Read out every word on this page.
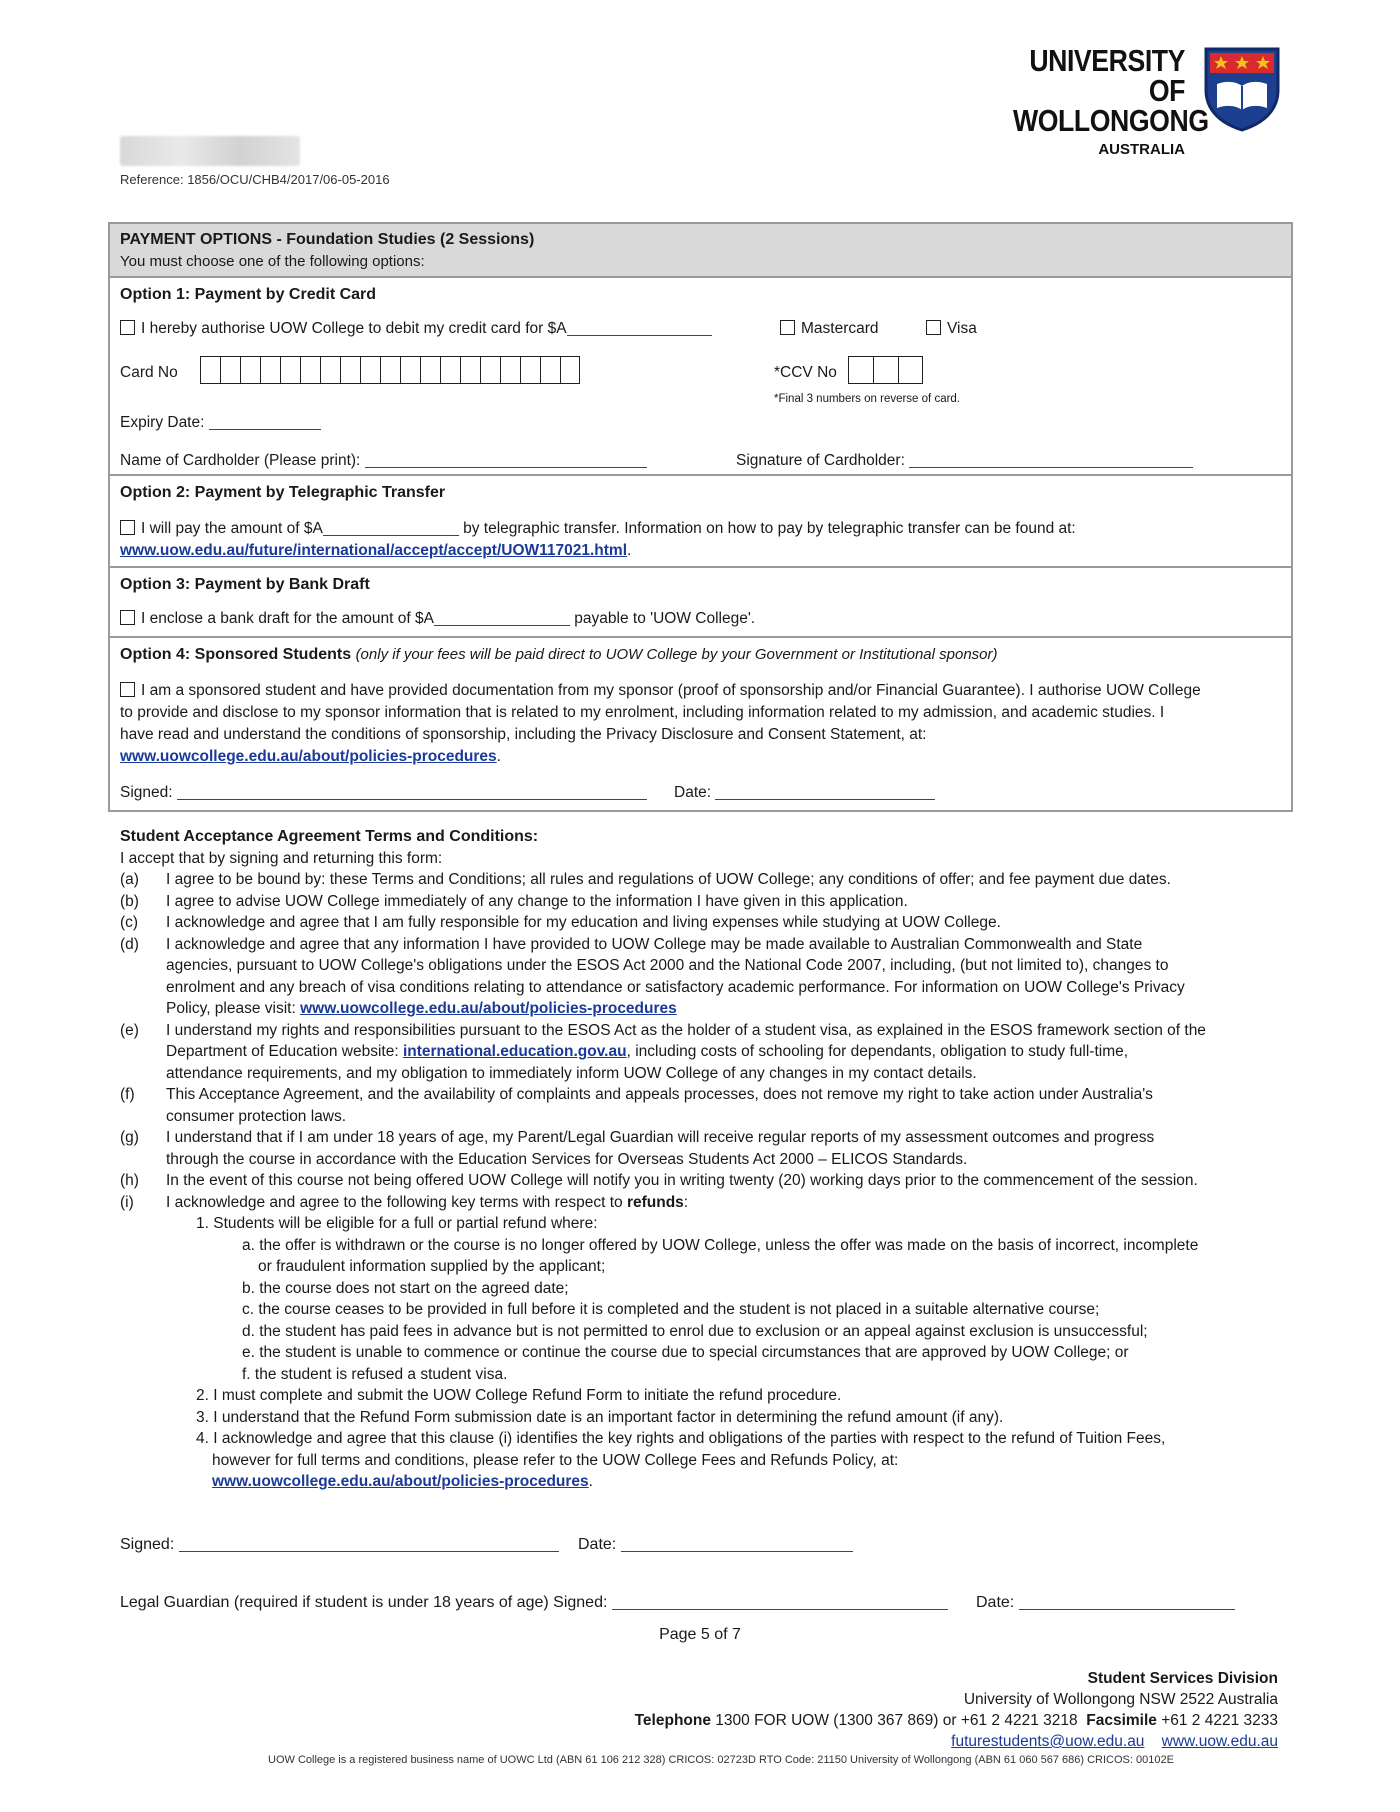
UNIVERSITY OF
WOLLONGONG
AUSTRALIA
Reference: 1856/OCU/CHB4/2017/06-05-2016
PAYMENT OPTIONS - Foundation Studies (2 Sessions)
You must choose one of the following options:
Option 1: Payment by Credit Card
I hereby authorise UOW College to debit my credit card for $A	Mastercard	Visa
Card No	*CCV No
*Final 3 numbers on reverse of card.
Expiry Date:
Name of Cardholder (Please print):	Signature of Cardholder:
Option 2: Payment by Telegraphic Transfer
I will pay the amount of $A	by telegraphic transfer. Information on how to pay by telegraphic transfer can be found at:
www.uow.edu.au/future/international/accept/accept/UOW117021.html.
Option 3: Payment by Bank Draft
I enclose a bank draft for the amount of $A	payable to 'UOW College'.
Option 4: Sponsored Students (only if your fees will be paid direct to UOW College by your Government or Institutional sponsor)
I am a sponsored student and have provided documentation from my sponsor (proof of sponsorship and/or Financial Guarantee). I authorise UOW College
to provide and disclose to my sponsor information that is related to my enrolment, including information related to my admission, and academic studies. I
have read and understand the conditions of sponsorship, including the Privacy Disclosure and Consent Statement, at:
www.uowcollege.edu.au/about/policies-procedures.
Signed:	Date:
Student Acceptance Agreement Terms and Conditions:
I accept that by signing and returning this form:
(a)	I agree to be bound by: these Terms and Conditions; all rules and regulations of UOW College; any conditions of offer; and fee payment due dates.
(b)	I agree to advise UOW College immediately of any change to the information I have given in this application.
(c)	I acknowledge and agree that I am fully responsible for my education and living expenses while studying at UOW College.
(d)	I acknowledge and agree that any information I have provided to UOW College may be made available to Australian Commonwealth and State
agencies, pursuant to UOW College's obligations under the ESOS Act 2000 and the National Code 2007, including, (but not limited to), changes to
enrolment and any breach of visa conditions relating to attendance or satisfactory academic performance. For information on UOW College's Privacy
Policy, please visit: www.uowcollege.edu.au/about/policies-procedures
(e)	I understand my rights and responsibilities pursuant to the ESOS Act as the holder of a student visa, as explained in the ESOS framework section of the
Department of Education website: international.education.gov.au, including costs of schooling for dependants, obligation to study full-time,
attendance requirements, and my obligation to immediately inform UOW College of any changes in my contact details.
(f)	This Acceptance Agreement, and the availability of complaints and appeals processes, does not remove my right to take action under Australia's
consumer protection laws.
(g)	I understand that if I am under 18 years of age, my Parent/Legal Guardian will receive regular reports of my assessment outcomes and progress
through the course in accordance with the Education Services for Overseas Students Act 2000 – ELICOS Standards.
(h)	In the event of this course not being offered UOW College will notify you in writing twenty (20) working days prior to the commencement of the session.
(i)	I acknowledge and agree to the following key terms with respect to refunds:
1. Students will be eligible for a full or partial refund where:
a. the offer is withdrawn or the course is no longer offered by UOW College, unless the offer was made on the basis of incorrect, incomplete
or fraudulent information supplied by the applicant;
b. the course does not start on the agreed date;
c. the course ceases to be provided in full before it is completed and the student is not placed in a suitable alternative course;
d. the student has paid fees in advance but is not permitted to enrol due to exclusion or an appeal against exclusion is unsuccessful;
e. the student is unable to commence or continue the course due to special circumstances that are approved by UOW College; or
f. the student is refused a student visa.
2. I must complete and submit the UOW College Refund Form to initiate the refund procedure.
3. I understand that the Refund Form submission date is an important factor in determining the refund amount (if any).
4. I acknowledge and agree that this clause (i) identifies the key rights and obligations of the parties with respect to the refund of Tuition Fees,
however for full terms and conditions, please refer to the UOW College Fees and Refunds Policy, at:
www.uowcollege.edu.au/about/policies-procedures.
Signed:	Date:
Legal Guardian (required if student is under 18 years of age) Signed:	Date:
Page 5 of 7
Student Services Division
University of Wollongong NSW 2522 Australia
Telephone 1300 FOR UOW (1300 367 869) or +61 2 4221 3218 Facsimile +61 2 4221 3233
futurestudents@uow.edu.au www.uow.edu.au
UOW College is a registered business name of UOWC Ltd (ABN 61 106 212 328) CRICOS: 02723D RTO Code: 21150 University of Wollongong (ABN 61 060 567 686) CRICOS: 00102E
